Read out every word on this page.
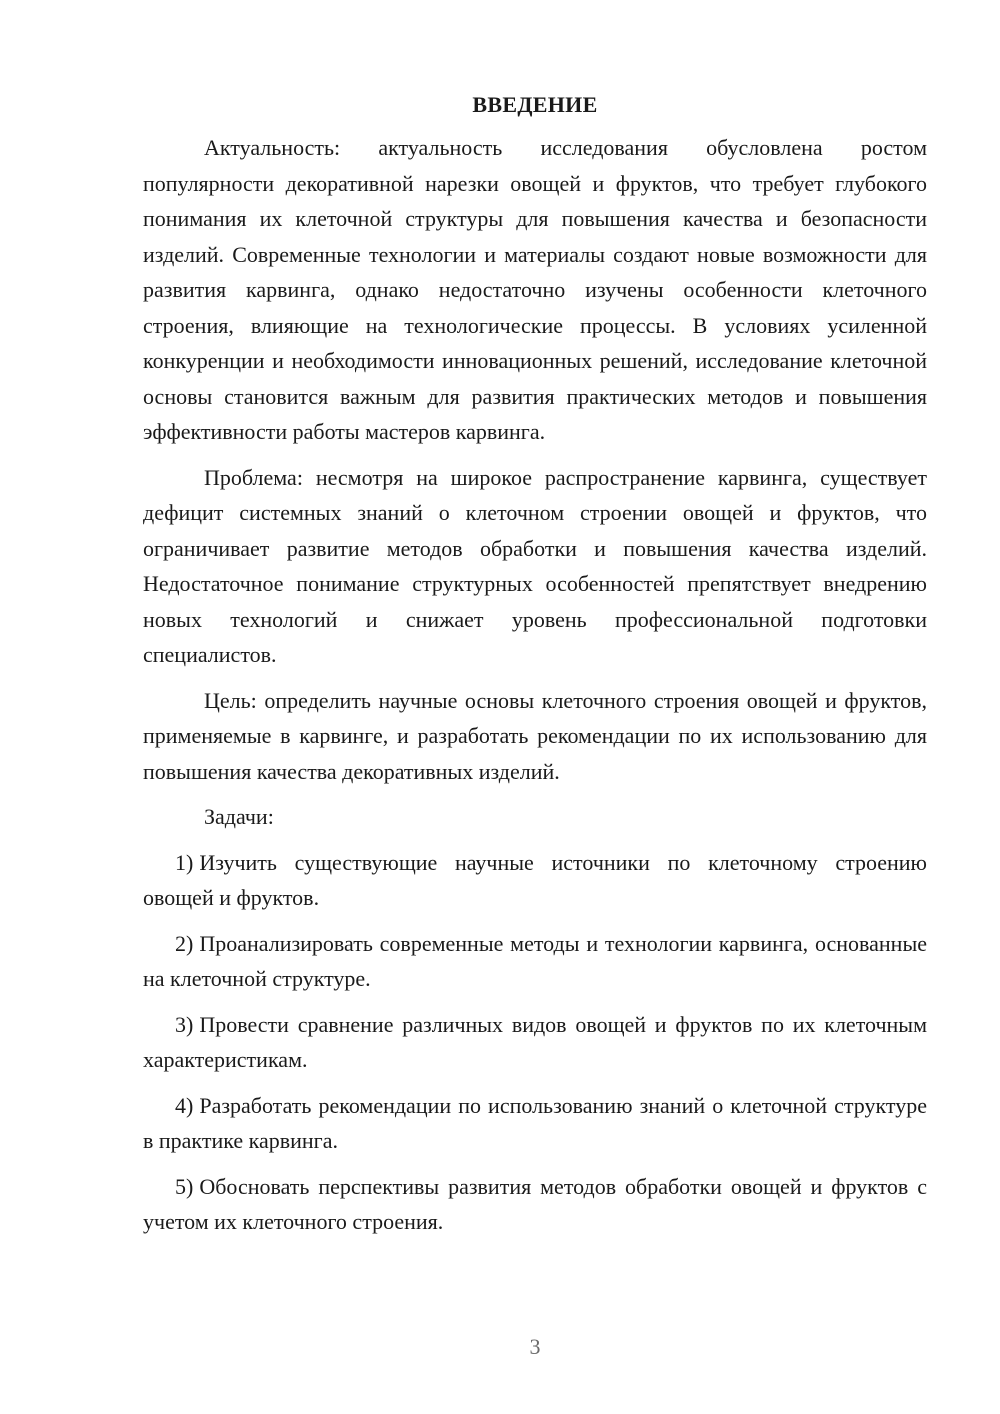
ВВЕДЕНИЕ

Актуальность: актуальность исследования обусловлена ростом популярности декоративной нарезки овощей и фруктов, что требует глубокого понимания их клеточной структуры для повышения качества и безопасности изделий. Современные технологии и материалы создают новые возможности для развития карвинга, однако недостаточно изучены особенности клеточного строения, влияющие на технологические процессы. В условиях усиленной конкуренции и необходимости инновационных решений, исследование клеточной основы становится важным для развития практических методов и повышения эффективности работы мастеров карвинга.

Проблема: несмотря на широкое распространение карвинга, существует дефицит системных знаний о клеточном строении овощей и фруктов, что ограничивает развитие методов обработки и повышения качества изделий. Недостаточное понимание структурных особенностей препятствует внедрению новых технологий и снижает уровень профессиональной подготовки специалистов.

Цель: определить научные основы клеточного строения овощей и фруктов, применяемые в карвинге, и разработать рекомендации по их использованию для повышения качества декоративных изделий.

Задачи:

1) Изучить существующие научные источники по клеточному строению овощей и фруктов.

2) Проанализировать современные методы и технологии карвинга, основанные на клеточной структуре.

3) Провести сравнение различных видов овощей и фруктов по их клеточным характеристикам.

4) Разработать рекомендации по использованию знаний о клеточной структуре в практике карвинга.

5) Обосновать перспективы развития методов обработки овощей и фруктов с учетом их клеточного строения.

3
